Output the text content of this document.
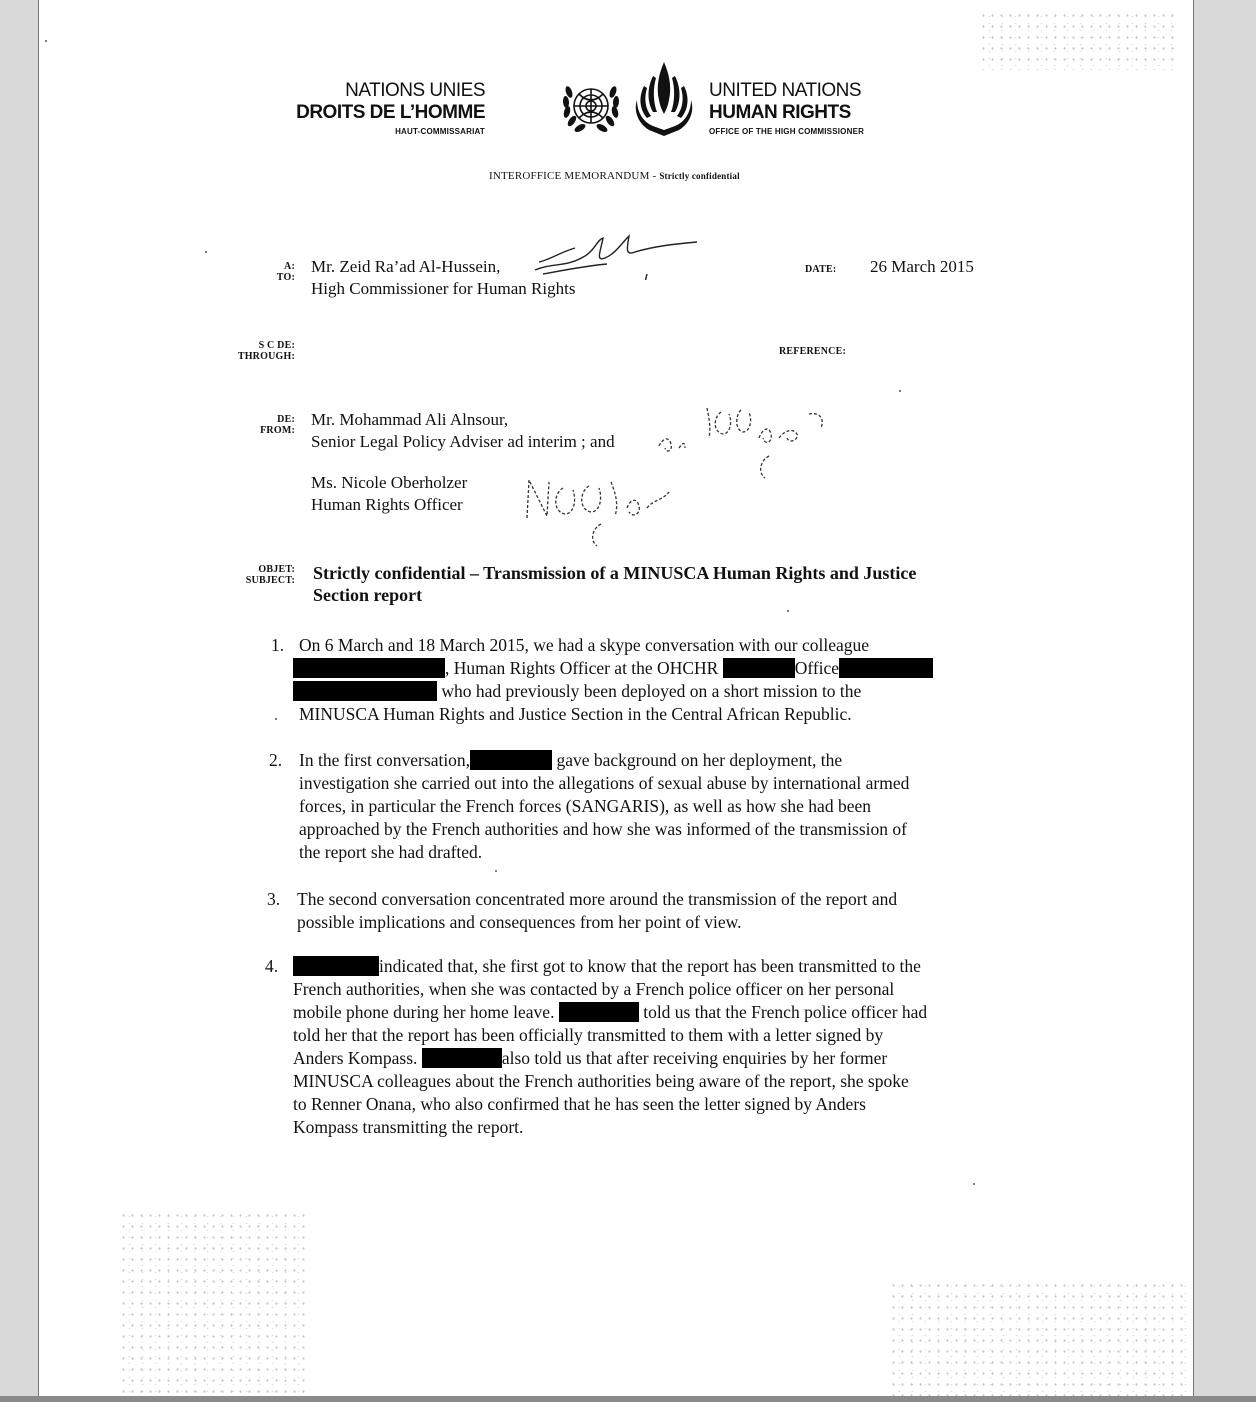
NATIONS UNIES
DROITS DE L’HOMME
HAUT-COMMISSARIAT
UNITED NATIONS
HUMAN RIGHTS
OFFICE OF THE HIGH COMMISSIONER
INTEROFFICE MEMORANDUM - Strictly confidential
A:
TO:
Mr. Zeid Ra’ad Al-Hussein,
High Commissioner for Human Rights
DATE:	26 March 2015
S C DE:
THROUGH:	REFERENCE:
DE:
FROM:
Mr. Mohammad Ali Alnsour,
Senior Legal Policy Adviser ad interim ; and
Ms. Nicole Oberholzer
Human Rights Officer
OBJET:
SUBJECT: Strictly confidential – Transmission of a MINUSCA Human Rights and Justice
Section report
1. On 6 March and 18 March 2015, we had a skype conversation with our colleague
, Human Rights Officer at the OHCHR	Office
who had previously been deployed on a short mission to the
MINUSCA Human Rights and Justice Section in the Central African Republic.
2. In the first conversation,	gave background on her deployment, the
investigation she carried out into the allegations of sexual abuse by international armed
forces, in particular the French forces (SANGARIS), as well as how she had been
approached by the French authorities and how she was informed of the transmission of
the report she had drafted.
3. The second conversation concentrated more around the transmission of the report and
possible implications and consequences from her point of view.
4.	indicated that, she first got to know that the report has been transmitted to the
French authorities, when she was contacted by a French police officer on her personal
mobile phone during her home leave.	told us that the French police officer had
told her that the report has been officially transmitted to them with a letter signed by
Anders Kompass.	also told us that after receiving enquiries by her former
MINUSCA colleagues about the French authorities being aware of the report, she spoke
to Renner Onana, who also confirmed that he has seen the letter signed by Anders
Kompass transmitting the report.
